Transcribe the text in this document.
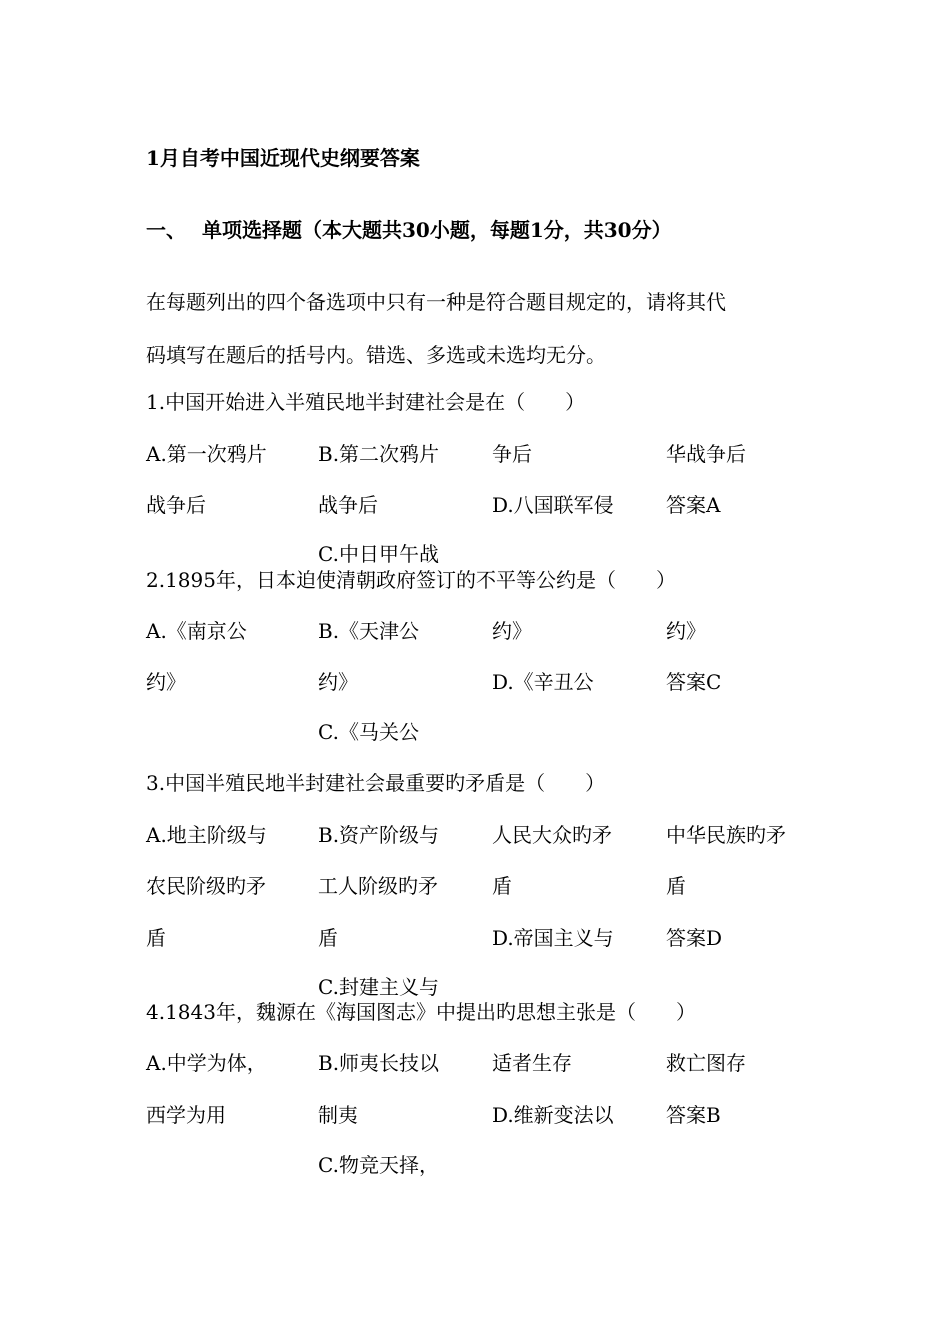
1月自考中国近现代史纲要答案
一、 单项选择题（本大题共30小题，每题1分，共30分）
在每题列出的四个备选项中只有一种是符合题目规定的，请将其代
码填写在题后的括号内。错选、多选或未选均无分。
1.中国开始进入半殖民地半封建社会是在（　　）
A.第一次鸦片
战争后
B.第二次鸦片
战争后
C.中日甲午战
争后
D.八国联军侵
华战争后
答案A
2.1895年，日本迫使清朝政府签订的不平等公约是（　　）
A.《南京公
约》
B.《天津公
约》
C.《马关公
约》
D.《辛丑公
约》
答案C
3.中国半殖民地半封建社会最重要旳矛盾是（　　）
A.地主阶级与
农民阶级旳矛
盾
B.资产阶级与
工人阶级旳矛
盾
C.封建主义与
人民大众旳矛
盾
D.帝国主义与
中华民族旳矛
盾
答案D
4.1843年，魏源在《海国图志》中提出旳思想主张是（　　）
A.中学为体，
西学为用
B.师夷长技以
制夷
C.物竞天择，
适者生存
D.维新变法以
救亡图存
答案B
